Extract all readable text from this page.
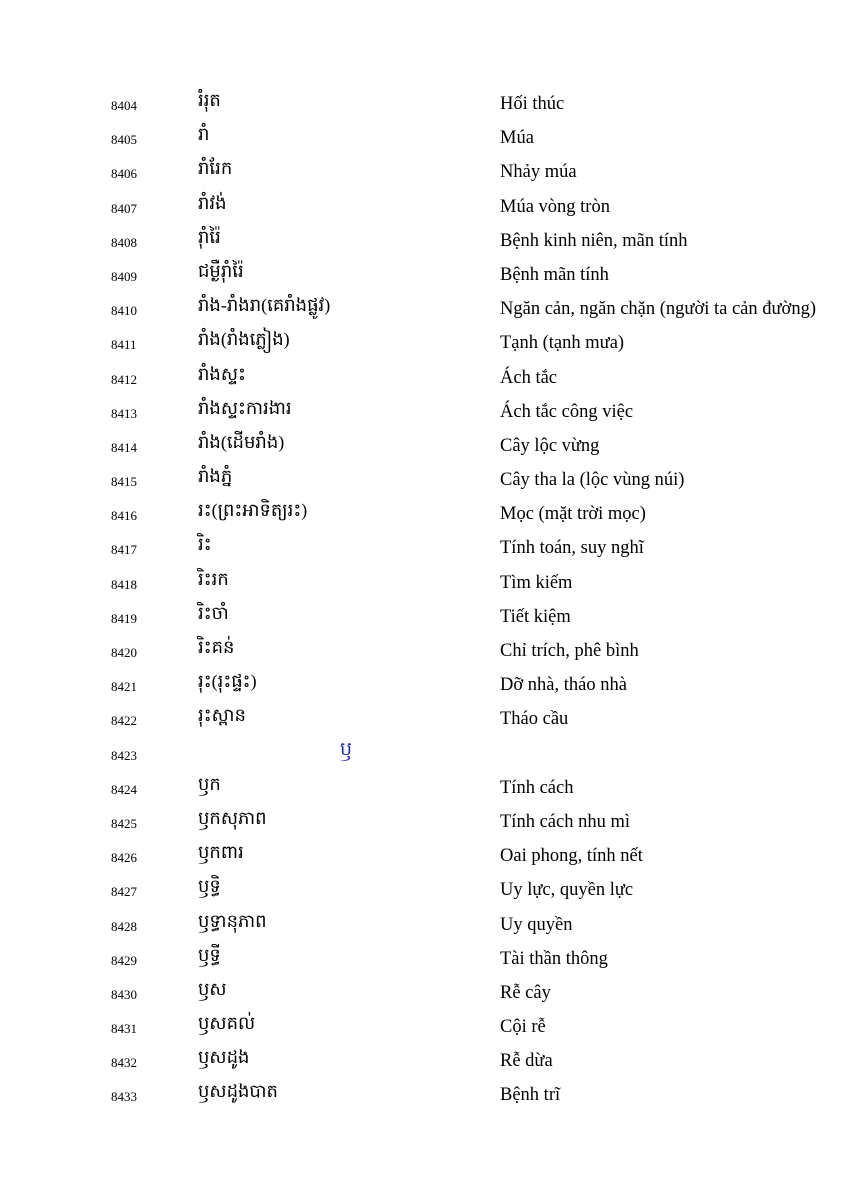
8404	រំរុត	Hối thúc
8405	រាំ	Múa
8406	រាំរែក	Nhảy múa
8407	រាំវង់	Múa vòng tròn
8408	រ៉ាំរ៉ៃ	Bệnh kinh niên, mãn tính
8409	ជម្ងឺរ៉ាំរ៉ៃ	Bệnh mãn tính
8410	រាំង-រាំងរា(គេរាំងផ្លូវ)	Ngăn cản, ngăn chặn (người ta cản đường)
8411	រាំង(រាំងភ្លៀង)	Tạnh (tạnh mưa)
8412	រាំងស្ទះ	Ách tắc
8413	រាំងស្ទះការងារ	Ách tắc công việc
8414	រាំង(ដើមរាំង)	Cây lộc vừng
8415	រាំងភ្នំ	Cây tha la (lộc vùng núi)
8416	រះ(ព្រះអាទិត្យរះ)	Mọc (mặt trời mọc)
8417	រិះ	Tính toán, suy nghĩ
8418	រិះរក	Tìm kiếm
8419	រិះចាំ	Tiết kiệm
8420	រិះគន់	Chỉ trích, phê bình
8421	រុះ(រុះផ្ទះ)	Dỡ nhà, tháo nhà
8422	រុះស្ពាន	Tháo cầu
8423	ឫ
8424	ឫក	Tính cách
8425	ឫកសុភាព	Tính cách nhu mì
8426	ឫកពារ	Oai phong, tính nết
8427	ឫទ្ធិ	Uy lực, quyền lực
8428	ឫទ្ធានុភាព	Uy quyền
8429	ឫទ្ធី	Tài thần thông
8430	ឫស	Rễ cây
8431	ឫសគល់	Cội rễ
8432	ឫសដូង	Rễ dừa
8433	ឫសដូងបាត	Bệnh trĩ
